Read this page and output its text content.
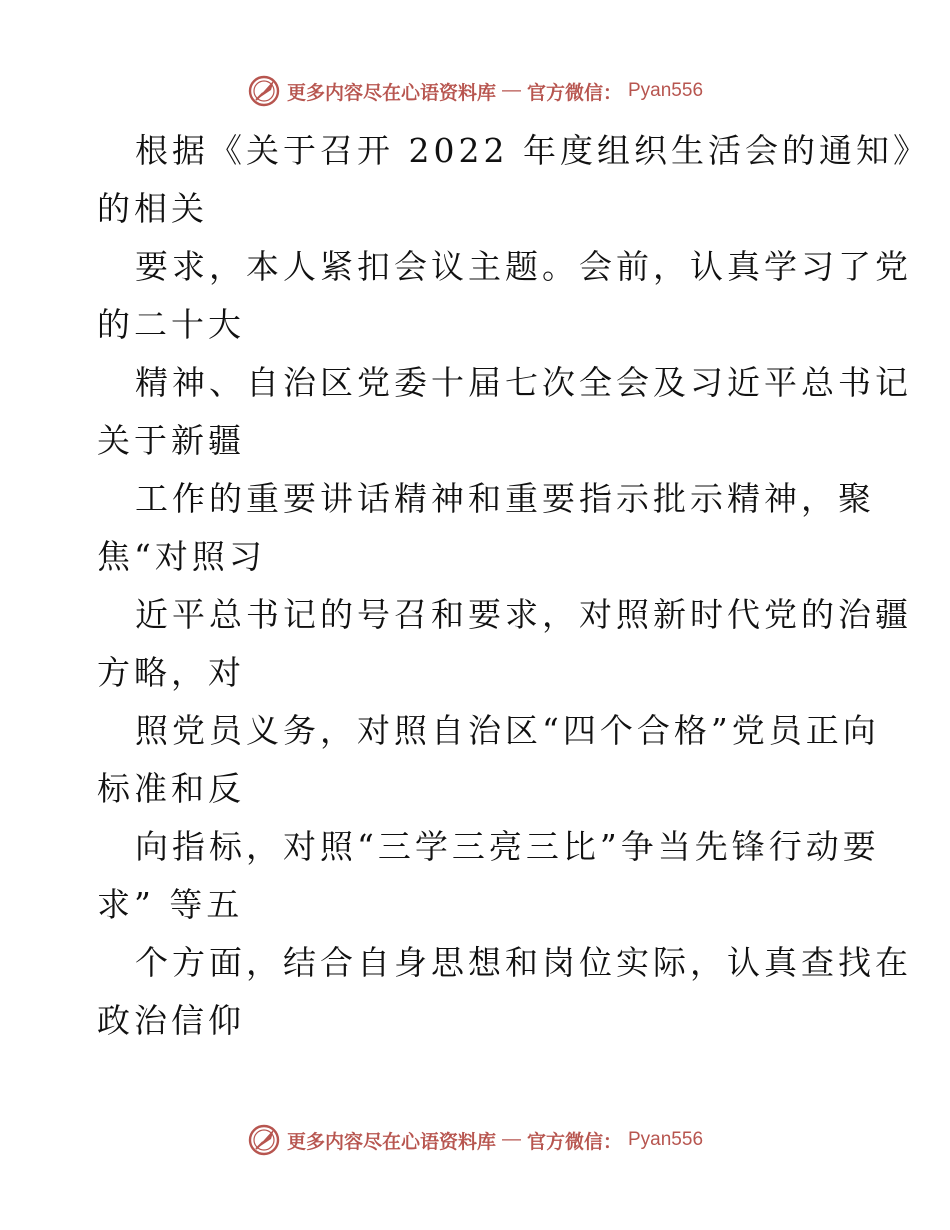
更多内容尽在心语资料库 — 官方微信： Pyan556
根据《关于召开 2022 年度组织生活会的通知》
的相关
要求，本人紧扣会议主题。会前，认真学习了党
的二十大
精神、自治区党委十届七次全会及习近平总书记
关于新疆
工作的重要讲话精神和重要指示批示精神，聚
焦“对照习
近平总书记的号召和要求，对照新时代党的治疆
方略，对
照党员义务，对照自治区“四个合格”党员正向
标准和反
向指标，对照“三学三亮三比”争当先锋行动要
求” 等五
个方面，结合自身思想和岗位实际，认真查找在
政治信仰
更多内容尽在心语资料库 — 官方微信： Pyan556
